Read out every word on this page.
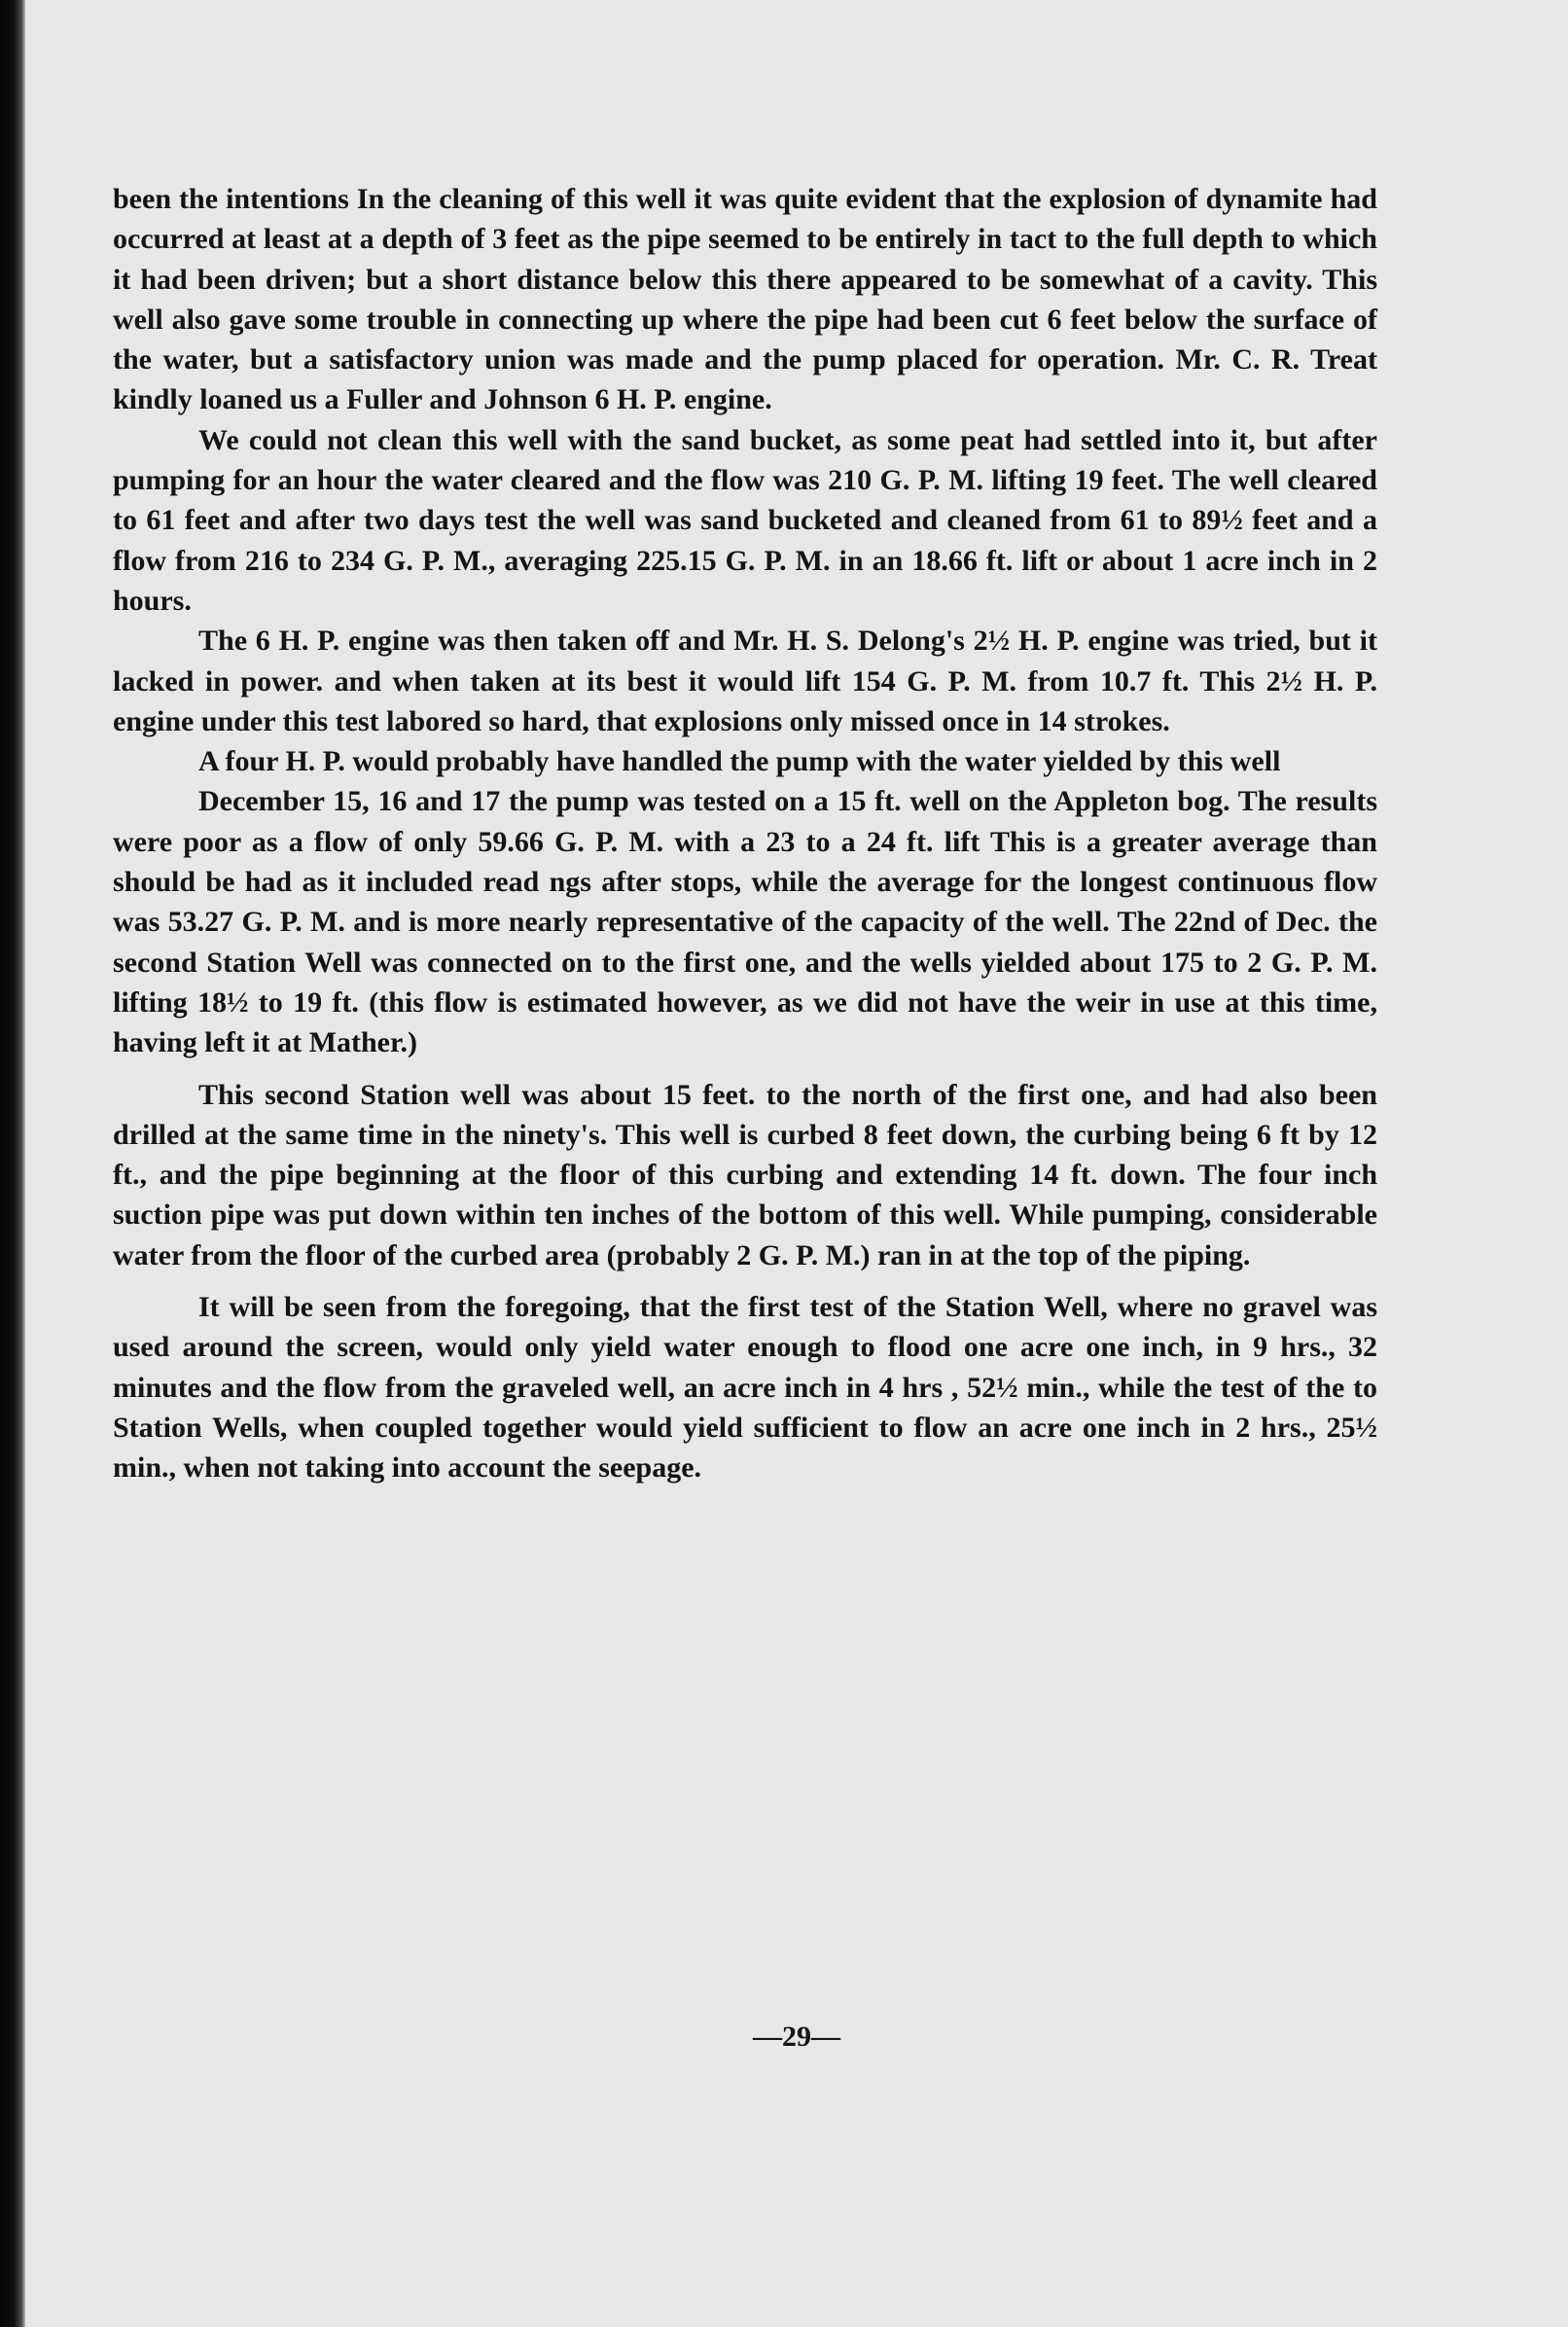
been the intentions In the cleaning of this well it was quite evident that the explosion of dynamite had occurred at least at a depth of 3 feet as the pipe seemed to be entirely in tact to the full depth to which it had been driven; but a short distance below this there appeared to be somewhat of a cavity. This well also gave some trouble in connecting up where the pipe had been cut 6 feet below the surface of the water, but a satisfactory union was made and the pump placed for operation. Mr. C. R. Treat kindly loaned us a Fuller and Johnson 6 H. P. engine.

We could not clean this well with the sand bucket, as some peat had settled into it, but after pumping for an hour the water cleared and the flow was 210 G. P. M. lifting 19 feet. The well cleared to 61 feet and after two days test the well was sand bucketed and cleaned from 61 to 89½ feet and a flow from 216 to 234 G. P. M., averaging 225.15 G. P. M. in an 18.66 ft. lift or about 1 acre inch in 2 hours.

The 6 H. P. engine was then taken off and Mr. H. S. Delong's 2½ H. P. engine was tried, but it lacked in power. and when taken at its best it would lift 154 G. P. M. from 10.7 ft. This 2½ H. P. engine under this test labored so hard, that explosions only missed once in 14 strokes.

A four H. P. would probably have handled the pump with the water yielded by this well

December 15, 16 and 17 the pump was tested on a 15 ft. well on the Appleton bog. The results were poor as a flow of only 59.66 G. P. M. with a 23 to a 24 ft. lift This is a greater average than should be had as it included read ngs after stops, while the average for the longest continuous flow was 53.27 G. P. M. and is more nearly representative of the capacity of the well. The 22nd of Dec. the second Station Well was connected on to the first one, and the wells yielded about 175 to 2 G. P. M. lifting 18½ to 19 ft. (this flow is estimated however, as we did not have the weir in use at this time, having left it at Mather.)

This second Station well was about 15 feet. to the north of the first one, and had also been drilled at the same time in the ninety's. This well is curbed 8 feet down, the curbing being 6 ft by 12 ft., and the pipe beginning at the floor of this curbing and extending 14 ft. down. The four inch suction pipe was put down within ten inches of the bottom of this well. While pumping, considerable water from the floor of the curbed area (probably 2 G. P. M.) ran in at the top of the piping.

It will be seen from the foregoing, that the first test of the Station Well, where no gravel was used around the screen, would only yield water enough to flood one acre one inch, in 9 hrs., 32 minutes and the flow from the graveled well, an acre inch in 4 hrs , 52½ min., while the test of the to Station Wells, when coupled together would yield sufficient to flow an acre one inch in 2 hrs., 25½ min., when not taking into account the seepage.

—29—
